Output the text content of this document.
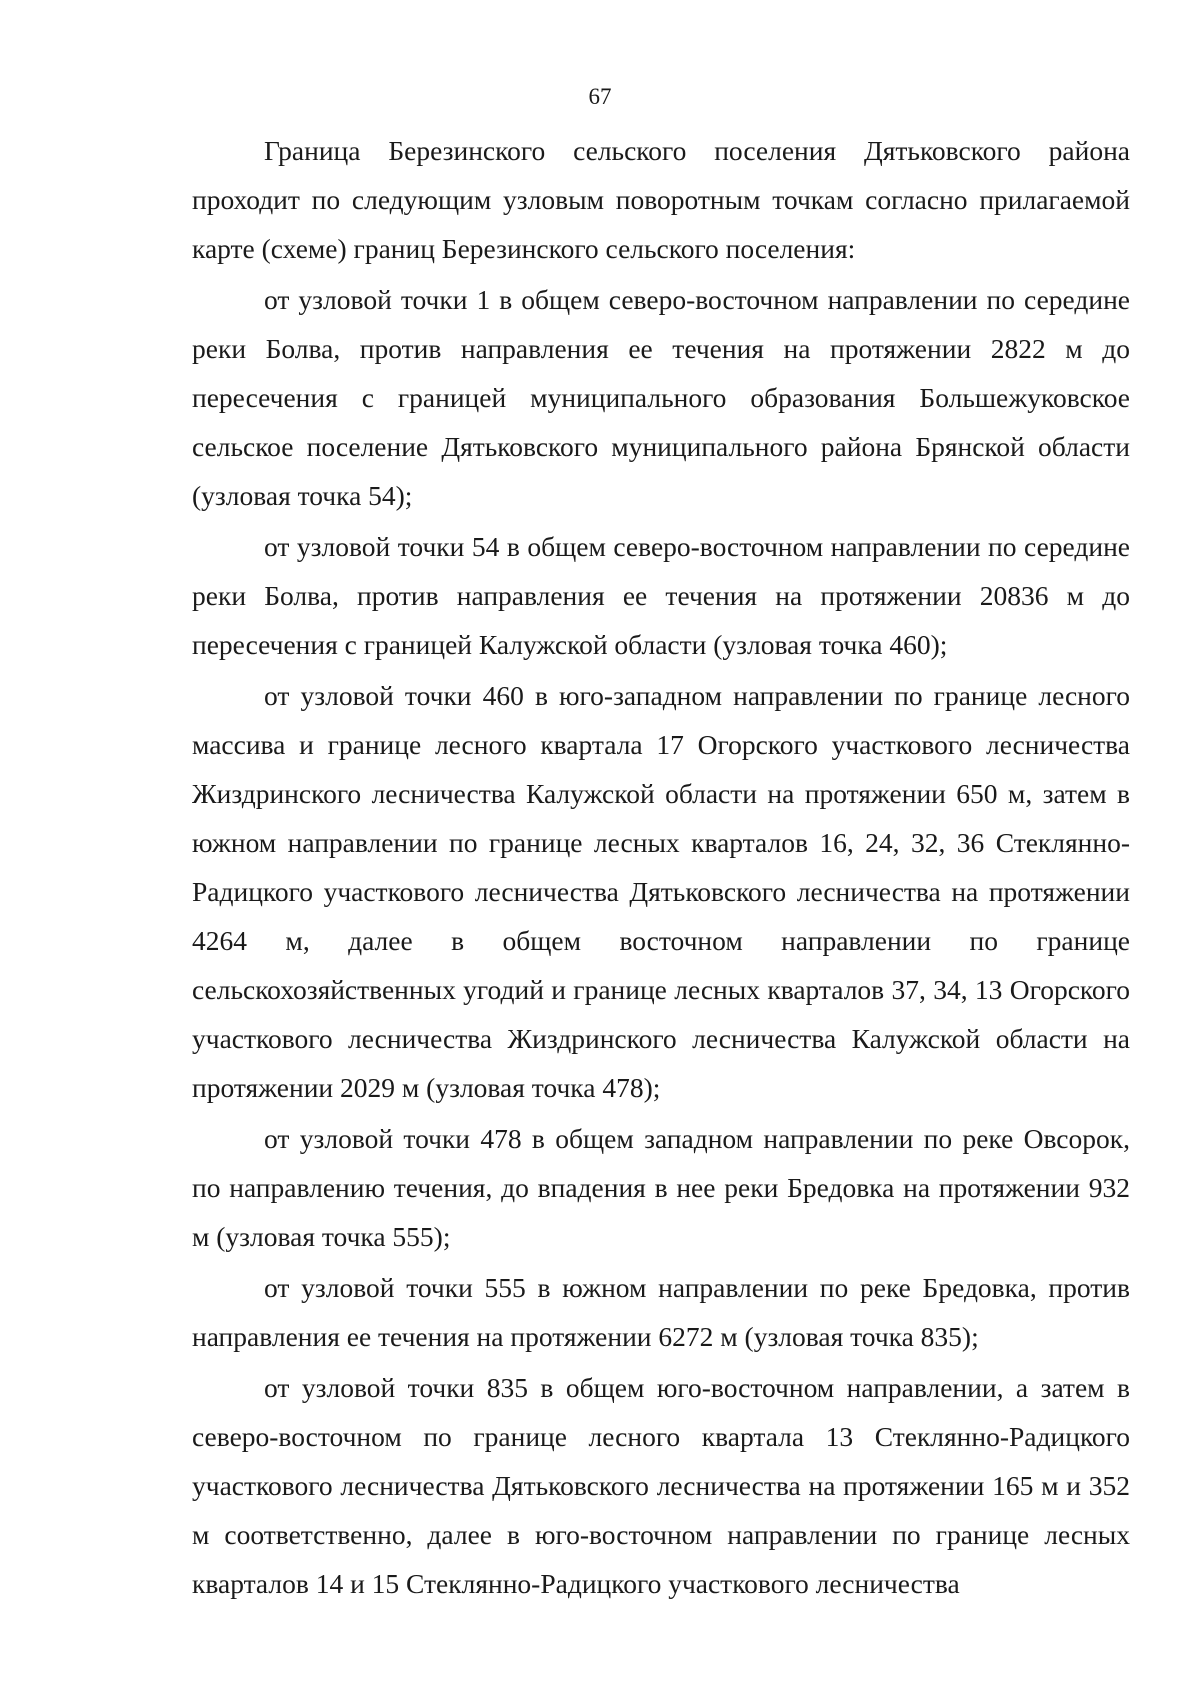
67

Граница Березинского сельского поселения Дятьковского района проходит по следующим узловым поворотным точкам согласно прилагаемой карте (схеме) границ Березинского сельского поселения:

от узловой точки 1 в общем северо-восточном направлении по середине реки Болва, против направления ее течения на протяжении 2822 м до пересечения с границей муниципального образования Большежуковское сельское поселение Дятьковского муниципального района Брянской области (узловая точка 54);

от узловой точки 54 в общем северо-восточном направлении по середине реки Болва, против направления ее течения на протяжении 20836 м до пересечения с границей Калужской области (узловая точка 460);

от узловой точки 460 в юго-западном направлении по границе лесного массива и границе лесного квартала 17 Огорского участкового лесничества Жиздринского лесничества Калужской области на протяжении 650 м, затем в южном направлении по границе лесных кварталов 16, 24, 32, 36 Стеклянно-Радицкого участкового лесничества Дятьковского лесничества на протяжении 4264 м, далее в общем восточном направлении по границе сельскохозяйственных угодий и границе лесных кварталов 37, 34, 13 Огорского участкового лесничества Жиздринского лесничества Калужской области на протяжении 2029 м (узловая точка 478);

от узловой точки 478 в общем западном направлении по реке Овсорок, по направлению течения, до впадения в нее реки Бредовка на протяжении 932 м (узловая точка 555);

от узловой точки 555 в южном направлении по реке Бредовка, против направления ее течения на протяжении 6272 м (узловая точка 835);

от узловой точки 835 в общем юго-восточном направлении, а затем в северо-восточном по границе лесного квартала 13 Стеклянно-Радицкого участкового лесничества Дятьковского лесничества на протяжении 165 м и 352 м соответственно, далее в юго-восточном направлении по границе лесных кварталов 14 и 15 Стеклянно-Радицкого участкового лесничества
